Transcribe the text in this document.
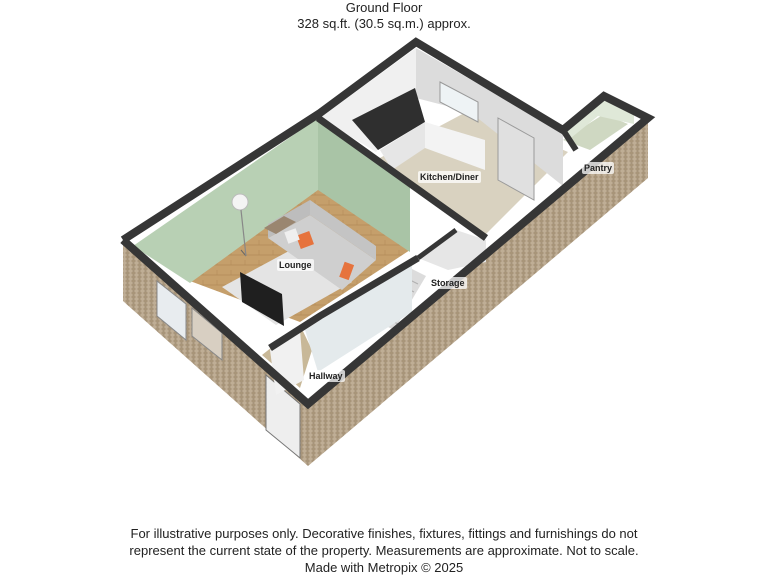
Ground Floor
328 sq.ft. (30.5 sq.m.) approx.
Lounge
Kitchen/Diner
Pantry
Storage
Hallway
For illustrative purposes only. Decorative finishes, fixtures, fittings and furnishings do not
represent the current state of the property. Measurements are approximate. Not to scale.
Made with Metropix © 2025
